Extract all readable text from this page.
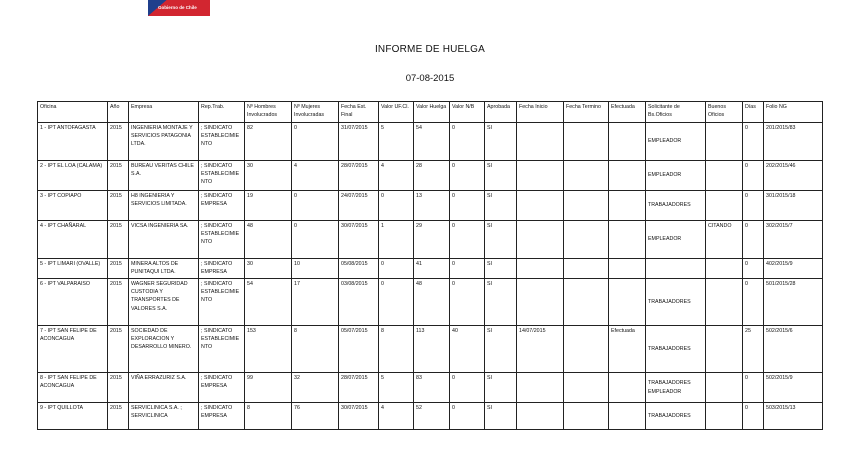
Gobierno de Chile
INFORME DE HUELGA
07-08-2015
Oficina	Año	Empresa	Rep.Trab.	Nº Hombres Involucrados	Nº Mujeres Involucradas	Fecha Est. Final	Valor UF.Cl.	Valor Huelga	Valor N/B	Aprobada	Fecha Inicio	Fecha Termino	Efectuada	Solicitante de Bs.Oficios	Buenos Oficios	Días	Folio NG
1 - IPT ANTOFAGASTA	2015	INGENIERIA MONTAJE Y SERVICIOS PATAGONIA LTDA.	; SINDICATO ESTABLECIMIENTO	82	0	31/07/2015	5	54	0	SI				EMPLEADOR		0	201/2015/83
2 - IPT EL LOA (CALAMA)	2015	BUREAU VERITAS CHILE S.A.	; SINDICATO ESTABLECIMIENTO	30	4	28/07/2015	4	28	0	SI				EMPLEADOR		0	202/2015/46
3 - IPT COPIAPO	2015	H8 INGENIERIA Y SERVICIOS LIMITADA.	; SINDICATO EMPRESA	19	0	24/07/2015	0	13	0	SI				TRABAJADORES		0	301/2015/18
4 - IPT CHAÑARAL	2015	VICSA INGENIERIA SA.	; SINDICATO ESTABLECIMIENTO	48	0	30/07/2015	1	29	0	SI				EMPLEADOR	CITANDO	0	302/2015/7
5 - IPT LIMARI (OVALLE)	2015	MINERA ALTOS DE PUNITAQUI LTDA.	; SINDICATO EMPRESA	30	10	05/08/2015	0	41	0	SI						0	402/2015/9
6 - IPT VALPARAISO	2015	WAGNER SEGURIDAD CUSTODIA Y TRANSPORTES DE VALORES S.A.	; SINDICATO ESTABLECIMIENTO	54	17	03/08/2015	0	48	0	SI				TRABAJADORES		0	501/2015/28
7 - IPT SAN FELIPE DE ACONCAGUA	2015	SOCIEDAD DE EXPLORACION Y DESARROLLO MINERO.	; SINDICATO ESTABLECIMIENTO	153	8	05/07/2015	8	113	40	SI	14/07/2015		Efectuada	TRABAJADORES		25	502/2015/6
8 - IPT SAN FELIPE DE ACONCAGUA	2015	VIÑA ERRAZURIZ S.A.	; SINDICATO EMPRESA	99	32	28/07/2015	5	83	0	SI				TRABAJADORES EMPLEADOR		0	502/2015/9
9 - IPT QUILLOTA	2015	SERVICLINICA S.A. ; SERVICLINICA	; SINDICATO EMPRESA	8	76	30/07/2015	4	52	0	SI				TRABAJADORES		0	503/2015/13
